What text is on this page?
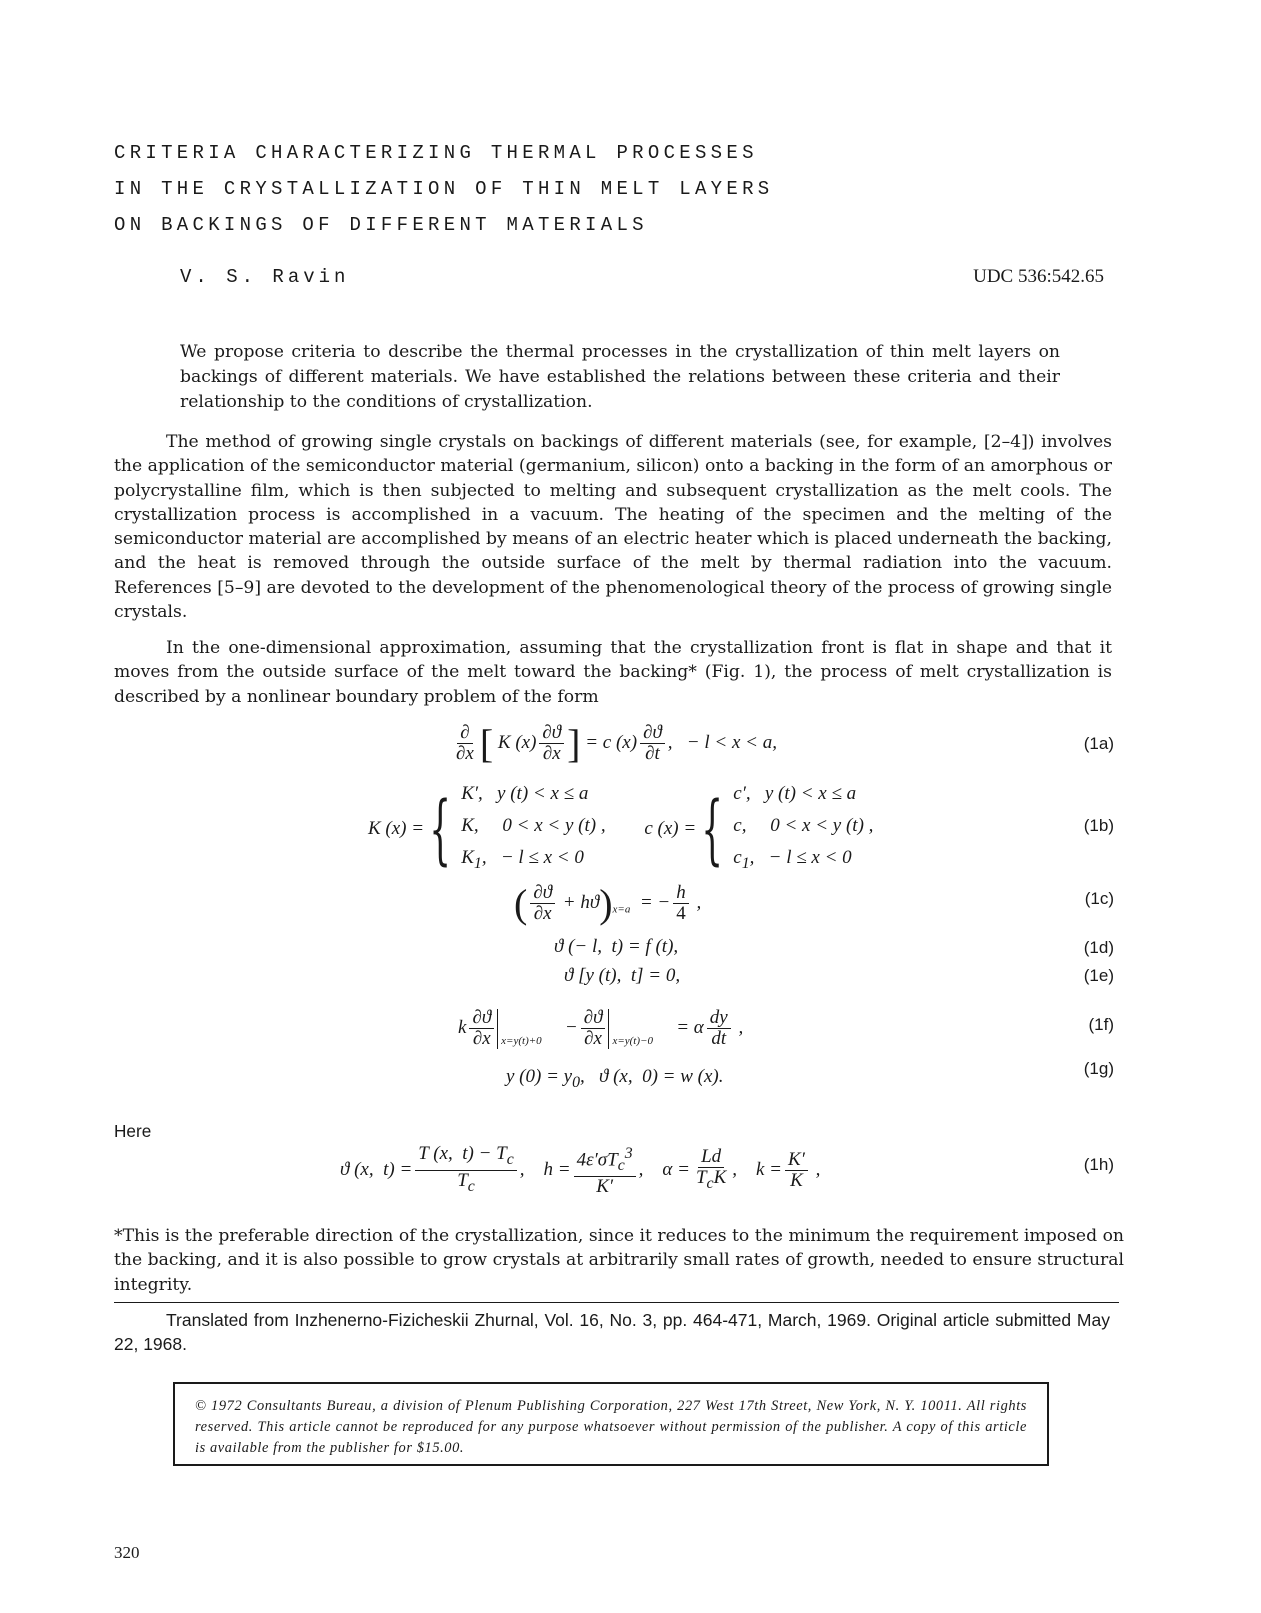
CRITERIA CHARACTERIZING THERMAL PROCESSES
IN THE CRYSTALLIZATION OF THIN MELT LAYERS
ON BACKINGS OF DIFFERENT MATERIALS
V. S. Ravin	UDC 536:542.65
We propose criteria to describe the thermal processes in the crystallization of thin melt layers on backings of different materials. We have established the relations between these criteria and their relationship to the conditions of crystallization.
The method of growing single crystals on backings of different materials (see, for example, [2–4]) involves the application of the semiconductor material (germanium, silicon) onto a backing in the form of an amorphous or polycrystalline film, which is then subjected to melting and subsequent crystallization as the melt cools. The crystallization process is accomplished in a vacuum. The heating of the specimen and the melting of the semiconductor material are accomplished by means of an electric heater which is placed underneath the backing, and the heat is removed through the outside surface of the melt by thermal radiation into the vacuum. References [5–9] are devoted to the development of the phenomenological theory of the process of growing single crystals.
In the one-dimensional approximation, assuming that the crystallization front is flat in shape and that it moves from the outside surface of the melt toward the backing* (Fig. 1), the process of melt crystallization is described by a nonlinear boundary problem of the form
$\frac{\partial}{\partial x}$ [ K $(x) \frac{\partial ϑ}{\partial x}$ ] = c $(x) \frac{\partial ϑ}{\partial t}$ ,   − l < x < a,	(1a)
K (x) ={ K′,   y (t) < x ≤ a
K,     0 < x < y (t) ,
$K_1$,   − l ≤ x < 0 c (x) ={ c′,   y (t) < x ≤ a
c,     0 < x < y (t) ,
$c_1$,   − l ≤ x < 0
(1b)
( $\frac{\partial ϑ}{\partial x} + hϑ)_{x=a}$  = − $\frac{h}{4}$ ,	(1c)
ϑ (− l,  t) = f (t),	(1d)
ϑ [y (t),  t] = 0,	(1e)
k $\frac{\partial ϑ}{\partial x} x=y(t)+0$
− $\frac{\partial ϑ}{\partial x} x=y(t)-0$
= α $\frac{dy}{dt}$ ,	(1f)
y $(0) = y_0$,   ϑ (x,  0) = w (x).	(1g)
Here
ϑ (x,  $t) = \frac{T (x, t) - T_c}{T_c}$ ,    $h = \frac{4\varepsilon'\sigma T_c^3}{K'}$ ,    $\alpha = \frac{Ld}{T_cK}$ ,    $k = \frac{K'}{K}$ ,	(1h)
*This is the preferable direction of the crystallization, since it reduces to the minimum the requirement imposed on the backing, and it is also possible to grow crystals at arbitrarily small rates of growth, needed to ensure structural integrity.
Translated from Inzhenerno-Fizicheskii Zhurnal, Vol. 16, No. 3, pp. 464-471, March, 1969. Original article submitted May 22, 1968.
© 1972 Consultants Bureau, a division of Plenum Publishing Corporation, 227 West 17th Street, New York, N. Y. 10011. All rights reserved. This article cannot be reproduced for any purpose whatsoever without permission of the publisher. A copy of this article is available from the publisher for $15.00.
320
